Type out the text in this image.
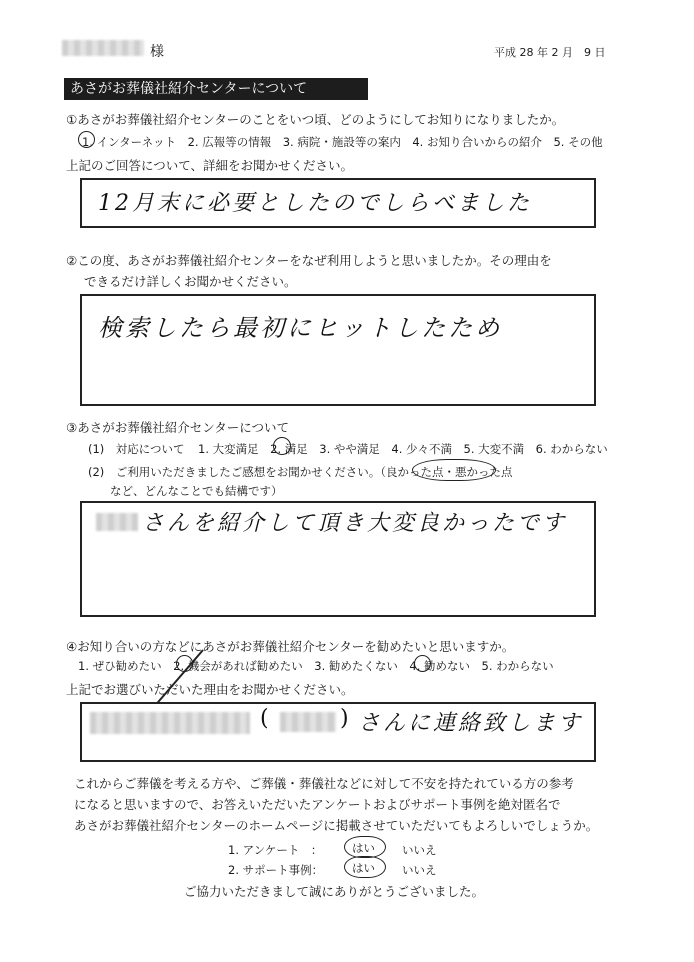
様	平成 28 年 2 月　9 日
あさがお葬儀社紹介センターについて
①あさがお葬儀社紹介センターのことをいつ頃、どのようにしてお知りになりましたか。
1. インターネット　2. 広報等の情報　3. 病院・施設等の案内　4. お知り合いからの紹介　5. その他
上記のご回答について、詳細をお聞かせください。
12月末に必要としたのでしらべました
②この度、あさがお葬儀社紹介センターをなぜ利用しようと思いましたか。その理由を
できるだけ詳しくお聞かせください。
検索したら最初にヒットしたため
③あさがお葬儀社紹介センターについて
(1)　対応について 1. 大変満足　2. 満足　3. やや満足　4. 少々不満　5. 大変不満　6. わからない
(2)　ご利用いただきましたご感想をお聞かせください。（良かった点・悪かった点
など、どんなことでも結構です）
さんを紹介して頂き大変良かったです
④お知り合いの方などにあさがお葬儀社紹介センターを勧めたいと思いますか。
1. ぜひ勧めたい　2. 機会があれば勧めたい　3. 勧めたくない　4. 勧めない　5. わからない
上記でお選びいただいた理由をお聞かせください。
(	) さんに連絡致します
これからご葬儀を考える方や、ご葬儀・葬儀社などに対して不安を持たれている方の参考
になると思いますので、お答えいただいたアンケートおよびサポート事例を絶対匿名で
あさがお葬儀社紹介センターのホームページに掲載させていただいてもよろしいでしょうか。
1. アンケート　：	はい いいえ
2. サポート事例：	はい いいえ
ご協力いただきまして誠にありがとうございました。
